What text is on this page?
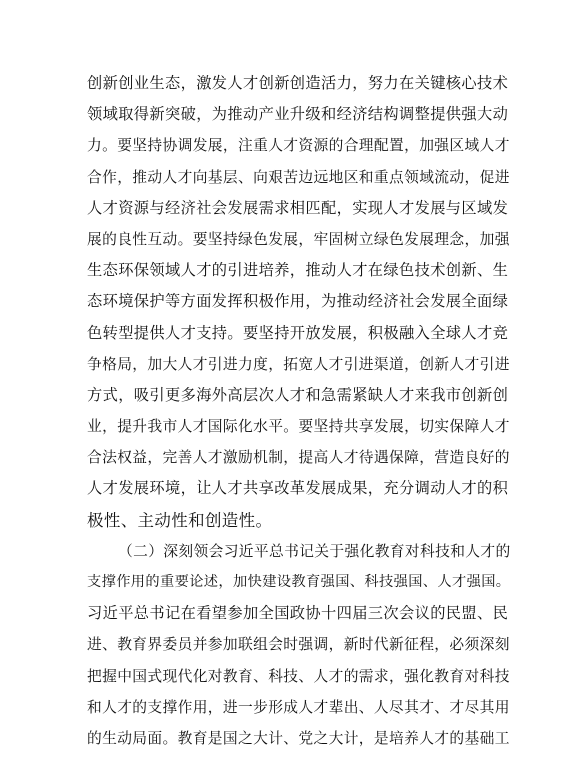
创新创业生态，激发人才创新创造活力，努力在关键核心技术
领域取得新突破，为推动产业升级和经济结构调整提供强大动
力。要坚持协调发展，注重人才资源的合理配置，加强区域人才
合作，推动人才向基层、向艰苦边远地区和重点领域流动，促进
人才资源与经济社会发展需求相匹配，实现人才发展与区域发
展的良性互动。要坚持绿色发展，牢固树立绿色发展理念，加强
生态环保领域人才的引进培养，推动人才在绿色技术创新、生
态环境保护等方面发挥积极作用，为推动经济社会发展全面绿
色转型提供人才支持。要坚持开放发展，积极融入全球人才竞
争格局，加大人才引进力度，拓宽人才引进渠道，创新人才引进
方式，吸引更多海外高层次人才和急需紧缺人才来我市创新创
业，提升我市人才国际化水平。要坚持共享发展，切实保障人才
合法权益，完善人才激励机制，提高人才待遇保障，营造良好的
人才发展环境，让人才共享改革发展成果，充分调动人才的积
极性、主动性和创造性。
（二）深刻领会习近平总书记关于强化教育对科技和人才的
支撑作用的重要论述，加快建设教育强国、科技强国、人才强国。
习近平总书记在看望参加全国政协十四届三次会议的民盟、民
进、教育界委员并参加联组会时强调，新时代新征程，必须深刻
把握中国式现代化对教育、科技、人才的需求，强化教育对科技
和人才的支撑作用，进一步形成人才辈出、人尽其才、才尽其用
的生动局面。教育是国之大计、党之大计，是培养人才的基础工
